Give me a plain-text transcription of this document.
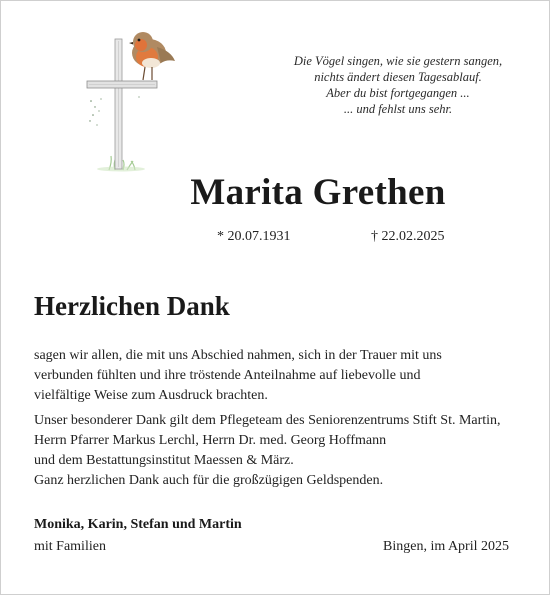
Die Vögel singen, wie sie gestern sangen,
nichts ändert diesen Tagesablauf.
Aber du bist fortgegangen ...
... und fehlst uns sehr.
Marita Grethen
* 20.07.1931	† 22.02.2025
Herzlichen Dank
sagen wir allen, die mit uns Abschied nahmen, sich in der Trauer mit uns
verbunden fühlten und ihre tröstende Anteilnahme auf liebevolle und
vielfältige Weise zum Ausdruck brachten.
Unser besonderer Dank gilt dem Pflegeteam des Seniorenzentrums Stift St. Martin,
Herrn Pfarrer Markus Lerchl, Herrn Dr. med. Georg Hoffmann
und dem Bestattungsinstitut Maessen & März.
Ganz herzlichen Dank auch für die großzügigen Geldspenden.
Monika, Karin, Stefan und Martin
mit Familien	Bingen, im April 2025
